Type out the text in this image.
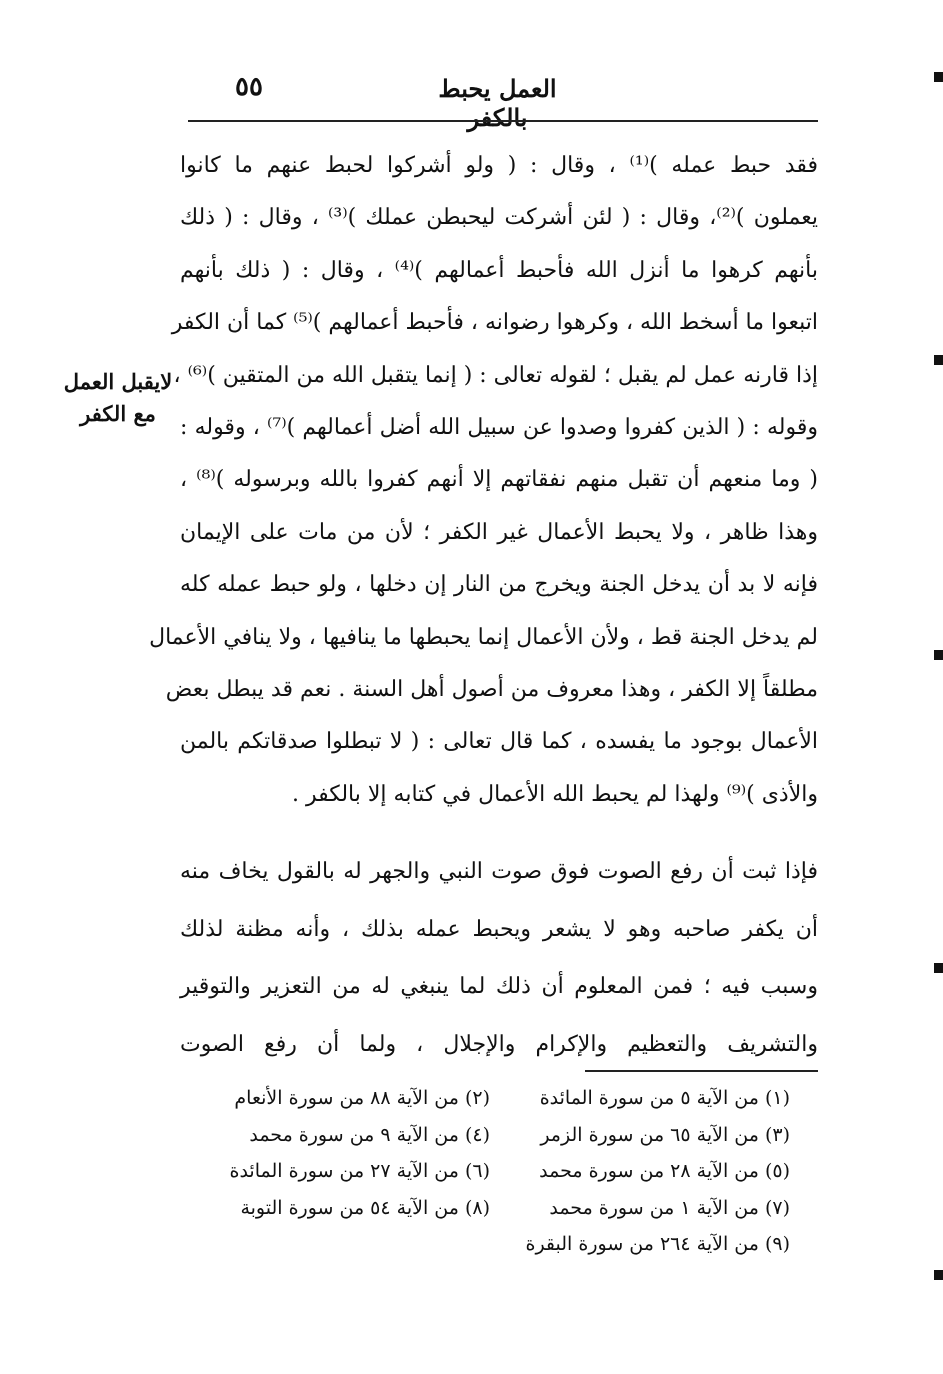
العمل يحبط بالكفر
٥٥
لايقبل العمل
مع الكفر
فقد حبط عمله )⁽¹⁾ ، وقال : ( ولو أشركوا لحبط عنهم ما كانوا
يعملون )⁽²⁾، وقال : ( لئن أشركت ليحبطن عملك )⁽³⁾ ، وقال : ( ذلك
بأنهم كرهوا ما أنزل الله فأحبط أعمالهم )⁽⁴⁾ ، وقال : ( ذلك بأنهم
اتبعوا ما أسخط الله ، وكرهوا رضوانه ، فأحبط أعمالهم )⁽⁵⁾ كما أن الكفر
إذا قارنه عمل لم يقبل ؛ لقوله تعالى : ( إنما يتقبل الله من المتقين )⁽⁶⁾ ،
وقوله : ( الذين كفروا وصدوا عن سبيل الله أضل أعمالهم )⁽⁷⁾ ، وقوله :
( وما منعهم أن تقبل منهم نفقاتهم إلا أنهم كفروا بالله وبرسوله )⁽⁸⁾ ،
وهذا ظاهر ، ولا يحبط الأعمال غير الكفر ؛ لأن من مات على الإيمان
فإنه لا بد أن يدخل الجنة ويخرج من النار إن دخلها ، ولو حبط عمله كله
لم يدخل الجنة قط ، ولأن الأعمال إنما يحبطها ما ينافيها ، ولا ينافي الأعمال
مطلقاً إلا الكفر ، وهذا معروف من أصول أهل السنة . نعم قد يبطل بعض
الأعمال بوجود ما يفسده ، كما قال تعالى : ( لا تبطلوا صدقاتكم بالمن
والأذى )⁽⁹⁾ ولهذا لم يحبط الله الأعمال في كتابه إلا بالكفر .
فإذا ثبت أن رفع الصوت فوق صوت النبي والجهر له بالقول يخاف منه
أن يكفر صاحبه وهو لا يشعر ويحبط عمله بذلك ، وأنه مظنة لذلك
وسبب فيه ؛ فمن المعلوم أن ذلك لما ينبغي له من التعزير والتوقير
والتشريف والتعظيم والإكرام والإجلال ، ولما أن رفع الصوت
(١) من الآية ٥ من سورة المائدة
(٢) من الآية ٨٨ من سورة الأنعام
(٣) من الآية ٦٥ من سورة الزمر
(٤) من الآية ٩ من سورة محمد
(٥) من الآية ٢٨ من سورة محمد
(٦) من الآية ٢٧ من سورة المائدة
(٧) من الآية ١ من سورة محمد
(٨) من الآية ٥٤ من سورة التوبة
(٩) من الآية ٢٦٤ من سورة البقرة
